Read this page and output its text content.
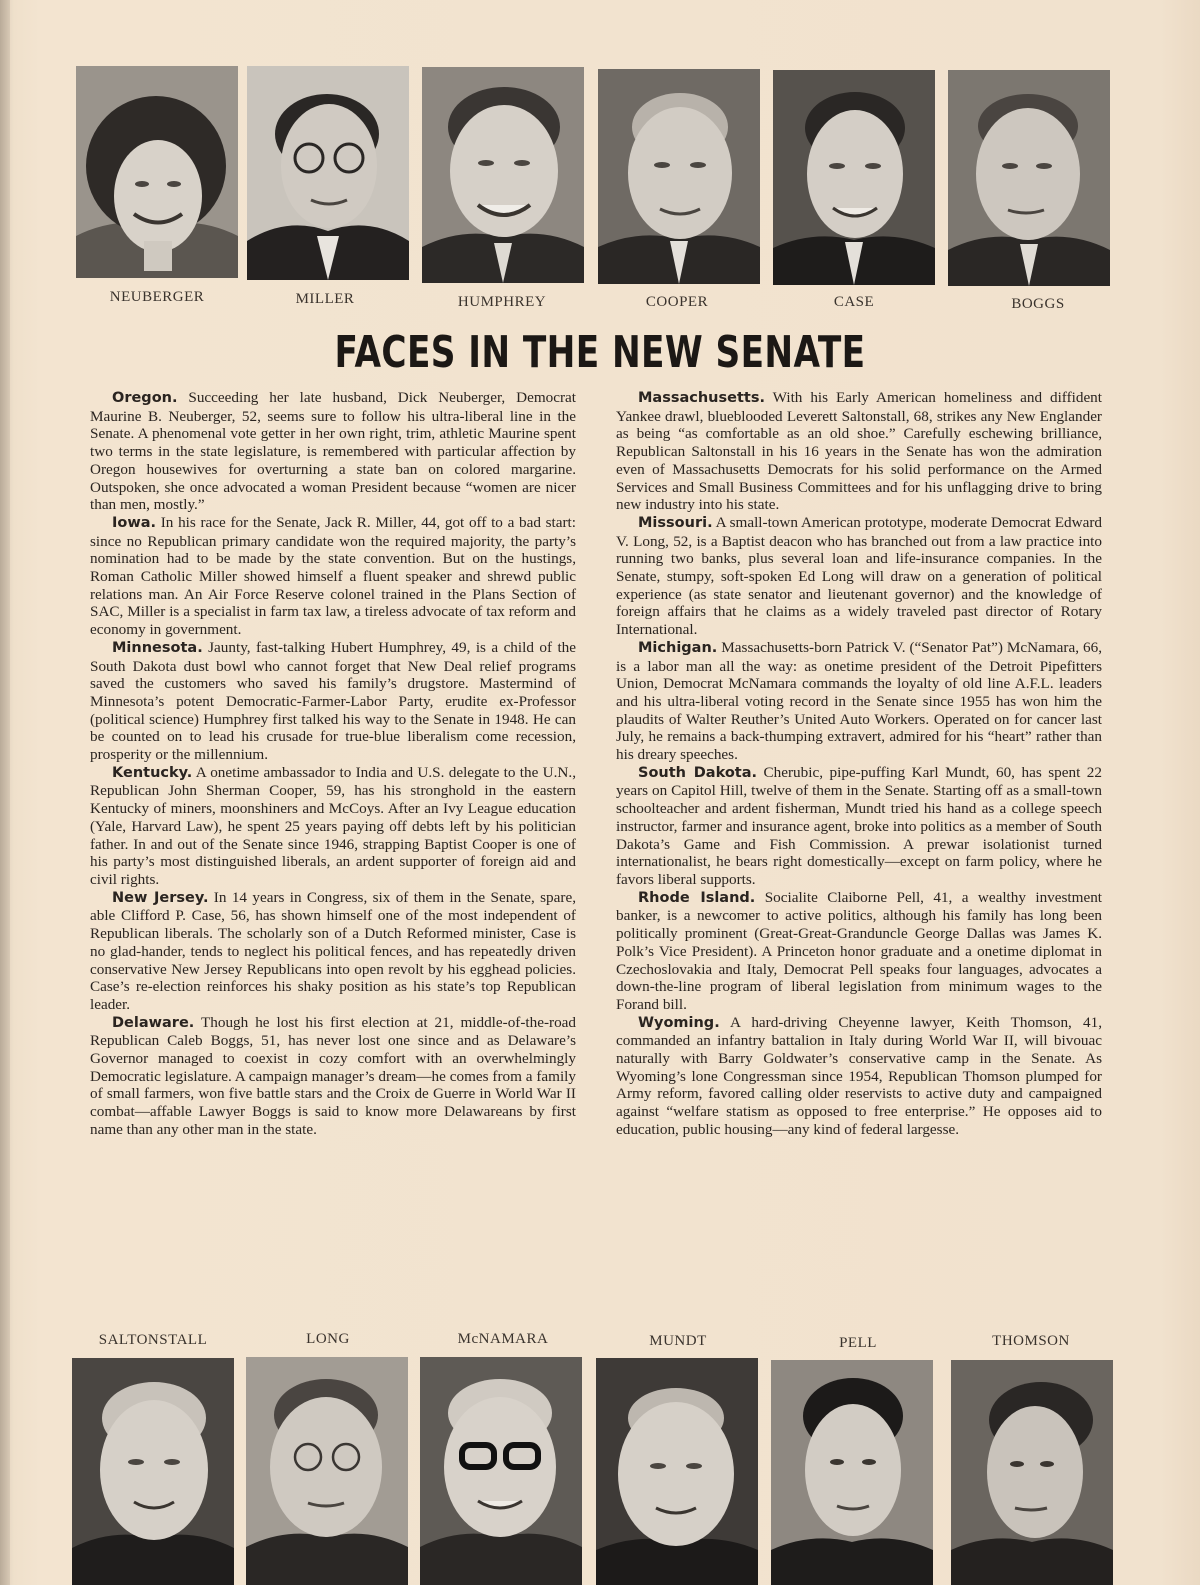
NEUBERGER	MILLER	HUMPHREY	COOPER	CASE	BOGGS
FACES IN THE NEW SENATE

Oregon. Succeeding her late husband, Dick Neuberger, Democrat Maurine B. Neuberger, 52, seems sure to follow his ultra-liberal line in the Senate. A phenomenal vote getter in her own right, trim, athletic Maurine spent two terms in the state legislature, is remembered with particular affection by Oregon housewives for overturning a state ban on colored margarine. Outspoken, she once advocated a woman President because “women are nicer than men, mostly.”

Iowa. In his race for the Senate, Jack R. Miller, 44, got off to a bad start: since no Republican primary candidate won the required majority, the party’s nomination had to be made by the state convention. But on the hustings, Roman Catholic Miller showed himself a fluent speaker and shrewd public relations man. An Air Force Reserve colonel trained in the Plans Section of SAC, Miller is a specialist in farm tax law, a tireless advocate of tax reform and economy in government.

Minnesota. Jaunty, fast-talking Hubert Humphrey, 49, is a child of the South Dakota dust bowl who cannot forget that New Deal relief programs saved the customers who saved his family’s drugstore. Mastermind of Minnesota’s potent Democratic-Farmer-Labor Party, erudite ex-Professor (political science) Humphrey first talked his way to the Senate in 1948. He can be counted on to lead his crusade for true-blue liberalism come recession, prosperity or the millennium.

Kentucky. A onetime ambassador to India and U.S. delegate to the U.N., Republican John Sherman Cooper, 59, has his stronghold in the eastern Kentucky of miners, moonshiners and McCoys. After an Ivy League education (Yale, Harvard Law), he spent 25 years paying off debts left by his politician father. In and out of the Senate since 1946, strapping Baptist Cooper is one of his party’s most distinguished liberals, an ardent supporter of foreign aid and civil rights.

New Jersey. In 14 years in Congress, six of them in the Senate, spare, able Clifford P. Case, 56, has shown himself one of the most independent of Republican liberals. The scholarly son of a Dutch Reformed minister, Case is no glad-hander, tends to neglect his political fences, and has repeatedly driven conservative New Jersey Republicans into open revolt by his egghead policies. Case’s re-election reinforces his shaky position as his state’s top Republican leader.

Delaware. Though he lost his first election at 21, middle-of-the-road Republican Caleb Boggs, 51, has never lost one since and as Delaware’s Governor managed to coexist in cozy comfort with an overwhelmingly Democratic legislature. A campaign manager’s dream—he comes from a family of small farmers, won five battle stars and the Croix de Guerre in World War II combat—affable Lawyer Boggs is said to know more Delawareans by first name than any other man in the state.

Massachusetts. With his Early American homeliness and diffident Yankee drawl, blueblooded Leverett Saltonstall, 68, strikes any New Englander as being “as comfortable as an old shoe.” Carefully eschewing brilliance, Republican Saltonstall in his 16 years in the Senate has won the admiration even of Massachusetts Democrats for his solid performance on the Armed Services and Small Business Committees and for his unflagging drive to bring new industry into his state.

Missouri. A small-town American prototype, moderate Democrat Edward V. Long, 52, is a Baptist deacon who has branched out from a law practice into running two banks, plus several loan and life-insurance companies. In the Senate, stumpy, soft-spoken Ed Long will draw on a generation of political experience (as state senator and lieutenant governor) and the knowledge of foreign affairs that he claims as a widely traveled past director of Rotary International.

Michigan. Massachusetts-born Patrick V. (“Senator Pat”) McNamara, 66, is a labor man all the way: as onetime president of the Detroit Pipefitters Union, Democrat McNamara commands the loyalty of old line A.F.L. leaders and his ultra-liberal voting record in the Senate since 1955 has won him the plaudits of Walter Reuther’s United Auto Workers. Operated on for cancer last July, he remains a back-thumping extravert, admired for his “heart” rather than his dreary speeches.

South Dakota. Cherubic, pipe-puffing Karl Mundt, 60, has spent 22 years on Capitol Hill, twelve of them in the Senate. Starting off as a small-town schoolteacher and ardent fisherman, Mundt tried his hand as a college speech instructor, farmer and insurance agent, broke into politics as a member of South Dakota’s Game and Fish Commission. A prewar isolationist turned internationalist, he bears right domestically—except on farm policy, where he favors liberal supports.

Rhode Island. Socialite Claiborne Pell, 41, a wealthy investment banker, is a newcomer to active politics, although his family has long been politically prominent (Great-Great-Granduncle George Dallas was James K. Polk’s Vice President). A Princeton honor graduate and a onetime diplomat in Czechoslovakia and Italy, Democrat Pell speaks four languages, advocates a down-the-line program of liberal legislation from minimum wages to the Forand bill.

Wyoming. A hard-driving Cheyenne lawyer, Keith Thomson, 41, commanded an infantry battalion in Italy during World War II, will bivouac naturally with Barry Goldwater’s conservative camp in the Senate. As Wyoming’s lone Congressman since 1954, Republican Thomson plumped for Army reform, favored calling older reservists to active duty and campaigned against “welfare statism as opposed to free enterprise.” He opposes aid to education, public housing—any kind of federal largesse.

SALTONSTALL	LONG	McNAMARA	MUNDT	PELL	THOMSON
